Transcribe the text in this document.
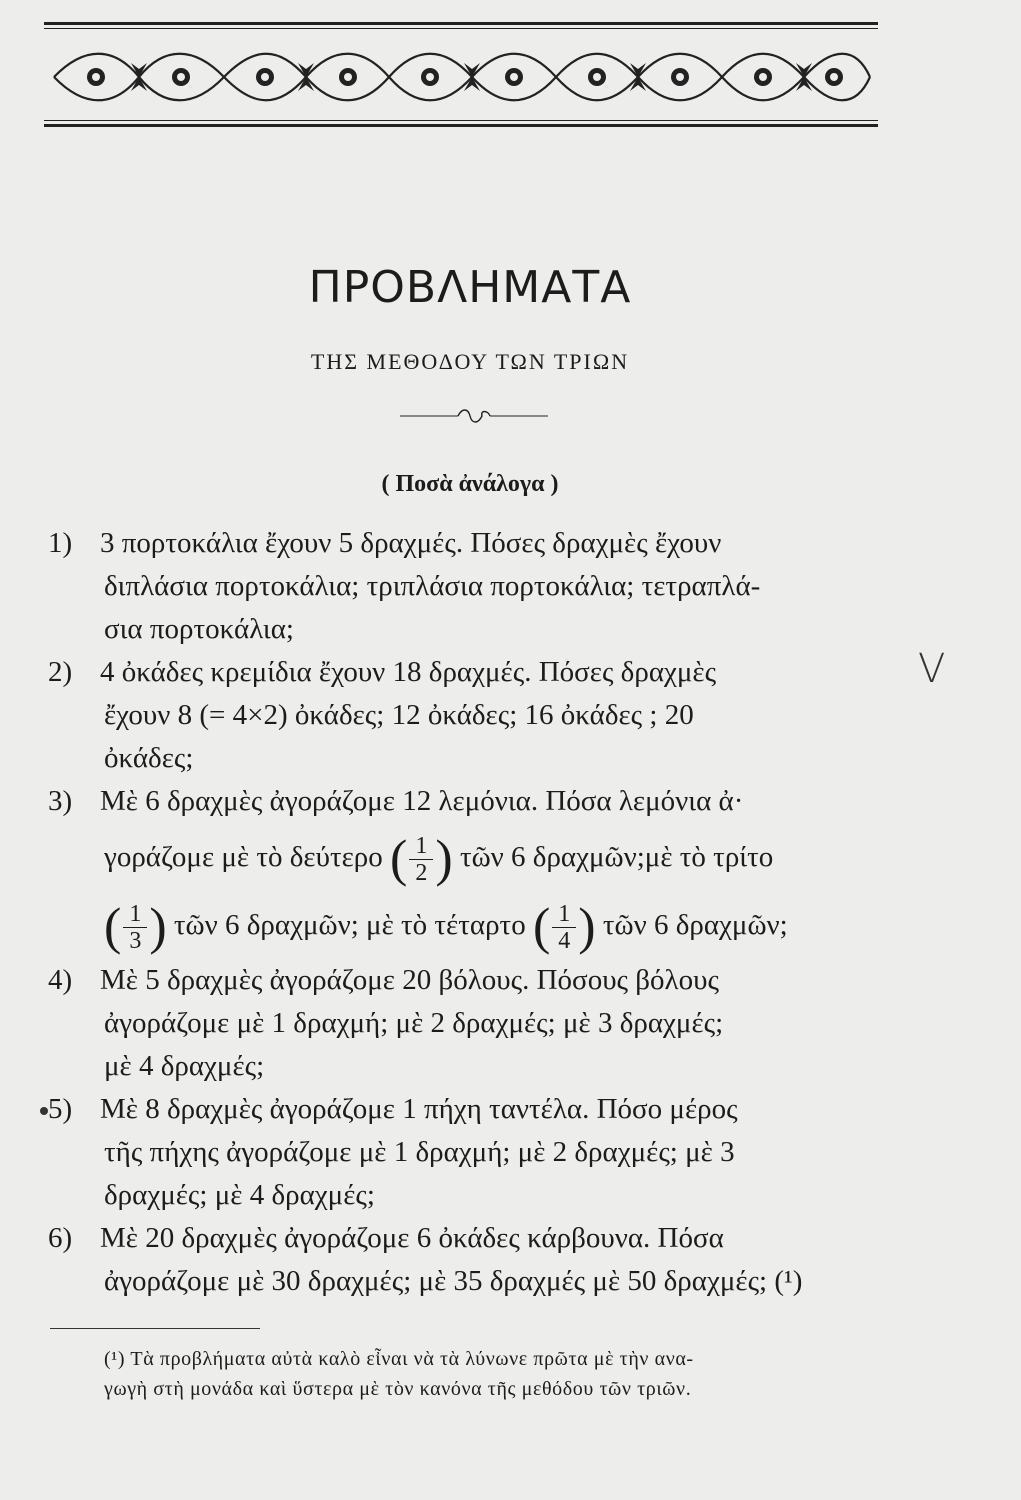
ΠΡΟΒΛΗΜΑΤΑ
ΤΗΣ ΜΕΘΟΔΟΥ ΤΩΝ ΤΡΙΩΝ
( Ποσὰ ἀνάλογα )
1) 3 πορτοκάλια ἔχουν 5 δραχμές. Πόσες δραχμὲς ἔχουν
διπλάσια πορτοκάλια; τριπλάσια πορτοκάλια; τετραπλά-
σια πορτοκάλια;
2) 4 ὀκάδες κρεμίδια ἔχουν 18 δραχμές. Πόσες δραχμὲς
ἔχουν 8 (= 4×2) ὀκάδες; 12 ὀκάδες; 16 ὀκάδες ; 20
ὀκάδες;
3) Μὲ 6 δραχμὲς ἀγοράζομε 12 λεμόνια. Πόσα λεμόνια ἀ·
γοράζομε μὲ τὸ δεύτερο ( $\frac{1}{2}$ ) τῶν 6 δραχμῶν;μὲ τὸ τρίτο
( $\frac{1}{3}$ ) τῶν 6 δραχμῶν; μὲ τὸ τέταρτο ( $\frac{1}{4}$ ) τῶν 6 δραχμῶν;
4) Μὲ 5 δραχμὲς ἀγοράζομε 20 βόλους. Πόσους βόλους
ἀγοράζομε μὲ 1 δραχμή; μὲ 2 δραχμές; μὲ 3 δραχμές;
μὲ 4 δραχμές;
5) Μὲ 8 δραχμὲς ἀγοράζομε 1 πήχη ταντέλα. Πόσο μέρος
τῆς πήχης ἀγοράζομε μὲ 1 δραχμή; μὲ 2 δραχμές; μὲ 3
δραχμές; μὲ 4 δραχμές;
6) Μὲ 20 δραχμὲς ἀγοράζομε 6 ὀκάδες κάρβουνα. Πόσα
ἀγοράζομε μὲ 30 δραχμές; μὲ 35 δραχμές μὲ 50 δραχμές; (¹)
V
(¹) Τὰ προβλήματα αὐτὰ καλὸ εἶναι νὰ τὰ λύνωνε πρῶτα μὲ τὴν ανα-
γωγὴ στὴ μονάδα καὶ ὕστερα μὲ τὸν κανόνα τῆς μεθόδου τῶν τριῶν.
